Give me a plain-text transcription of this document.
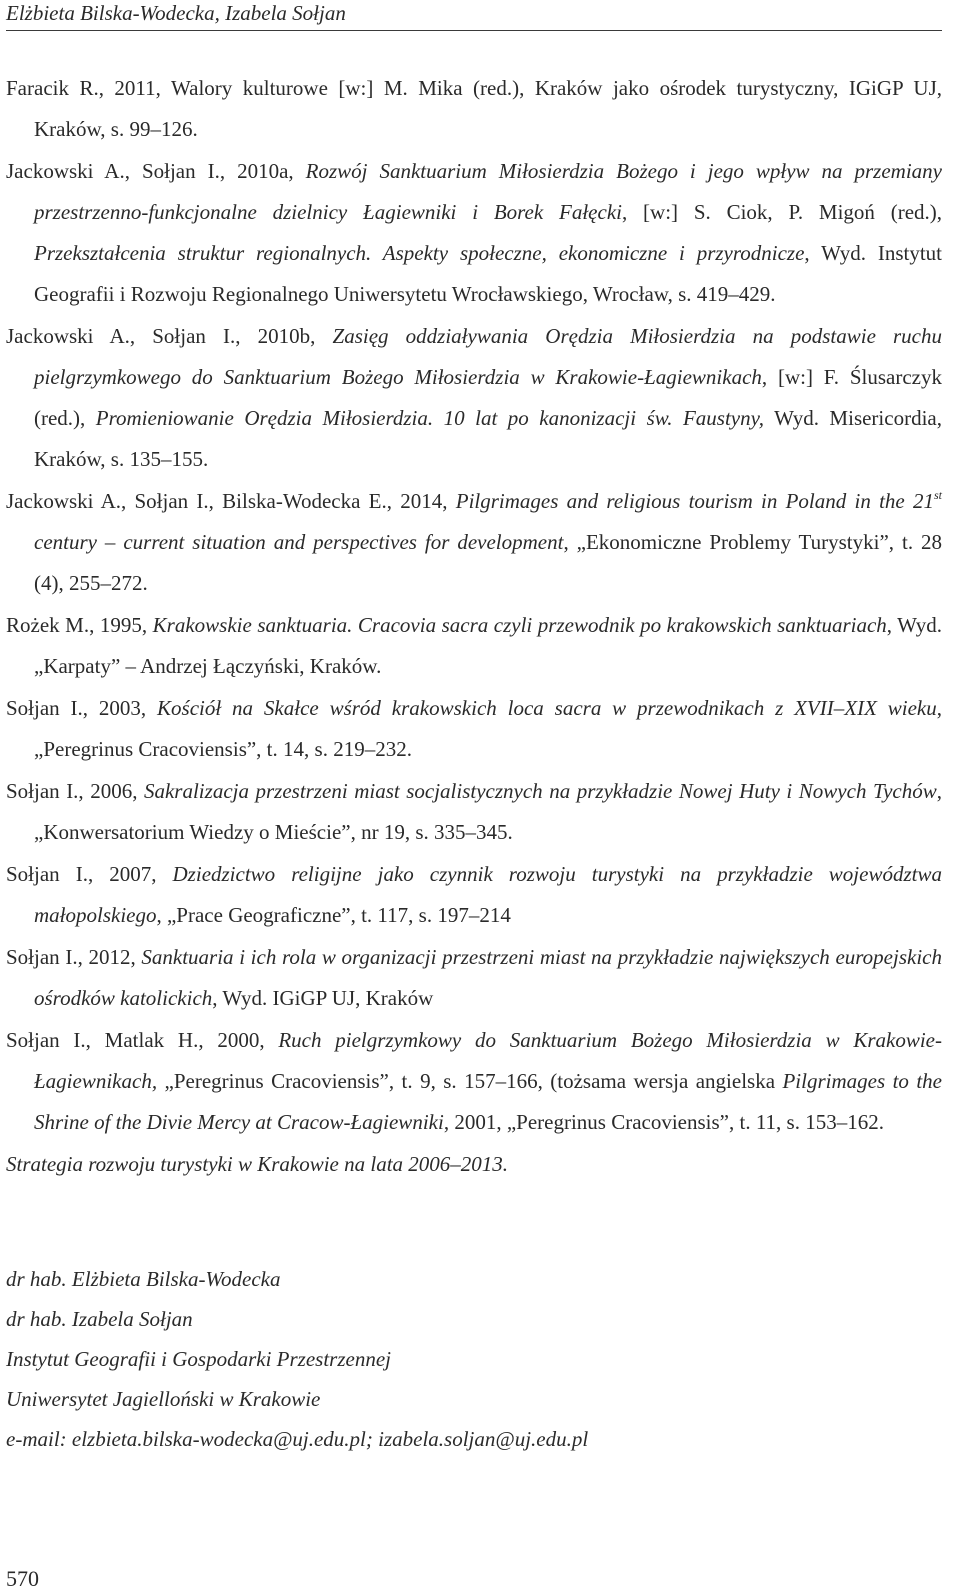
Elżbieta Bilska-Wodecka, Izabela Sołjan
Faracik R., 2011, Walory kulturowe [w:] M. Mika (red.), Kraków jako ośrodek turystyczny, IGiGP UJ, Kraków, s. 99–126.
Jackowski A., Sołjan I., 2010a, Rozwój Sanktuarium Miłosierdzia Bożego i jego wpływ na przemiany przestrzenno-funkcjonalne dzielnicy Łagiewniki i Borek Fałęcki, [w:] S. Ciok, P. Migoń (red.), Przekształcenia struktur regionalnych. Aspekty społeczne, ekonomiczne i przyrodnicze, Wyd. Instytut Geografii i Rozwoju Regionalnego Uniwersytetu Wrocławskiego, Wrocław, s. 419–429.
Jackowski A., Sołjan I., 2010b, Zasięg oddziaływania Orędzia Miłosierdzia na podstawie ruchu pielgrzymkowego do Sanktuarium Bożego Miłosierdzia w Krakowie-Łagiewnikach, [w:] F. Ślusarczyk (red.), Promieniowanie Orędzia Miłosierdzia. 10 lat po kanonizacji św. Faustyny, Wyd. Misericordia, Kraków, s. 135–155.
Jackowski A., Sołjan I., Bilska-Wodecka E., 2014, Pilgrimages and religious tourism in Poland in the 21st century – current situation and perspectives for development, „Ekonomiczne Problemy Turystyki”, t. 28 (4), 255–272.
Rożek M., 1995, Krakowskie sanktuaria. Cracovia sacra czyli przewodnik po krakowskich sanktuariach, Wyd. „Karpaty” – Andrzej Łączyński, Kraków.
Sołjan I., 2003, Kościół na Skałce wśród krakowskich loca sacra w przewodnikach z XVII–XIX wieku, „Peregrinus Cracoviensis”, t. 14, s. 219–232.
Sołjan I., 2006, Sakralizacja przestrzeni miast socjalistycznych na przykładzie Nowej Huty i Nowych Tychów, „Konwersatorium Wiedzy o Mieście”, nr 19, s. 335–345.
Sołjan I., 2007, Dziedzictwo religijne jako czynnik rozwoju turystyki na przykładzie województwa małopolskiego, „Prace Geograficzne”, t. 117, s. 197–214
Sołjan I., 2012, Sanktuaria i ich rola w organizacji przestrzeni miast na przykładzie największych europejskich ośrodków katolickich, Wyd. IGiGP UJ, Kraków
Sołjan I., Matlak H., 2000, Ruch pielgrzymkowy do Sanktuarium Bożego Miłosierdzia w Krakowie-Łagiewnikach, „Peregrinus Cracoviensis”, t. 9, s. 157–166, (tożsama wersja angielska Pilgrimages to the Shrine of the Divie Mercy at Cracow-Łagiewniki, 2001, „Peregrinus Cracoviensis”, t. 11, s. 153–162.
Strategia rozwoju turystyki w Krakowie na lata 2006–2013.
dr hab. Elżbieta Bilska-Wodecka
dr hab. Izabela Sołjan
Instytut Geografii i Gospodarki Przestrzennej
Uniwersytet Jagielloński w Krakowie
e-mail: elzbieta.bilska-wodecka@uj.edu.pl; izabela.soljan@uj.edu.pl
570
